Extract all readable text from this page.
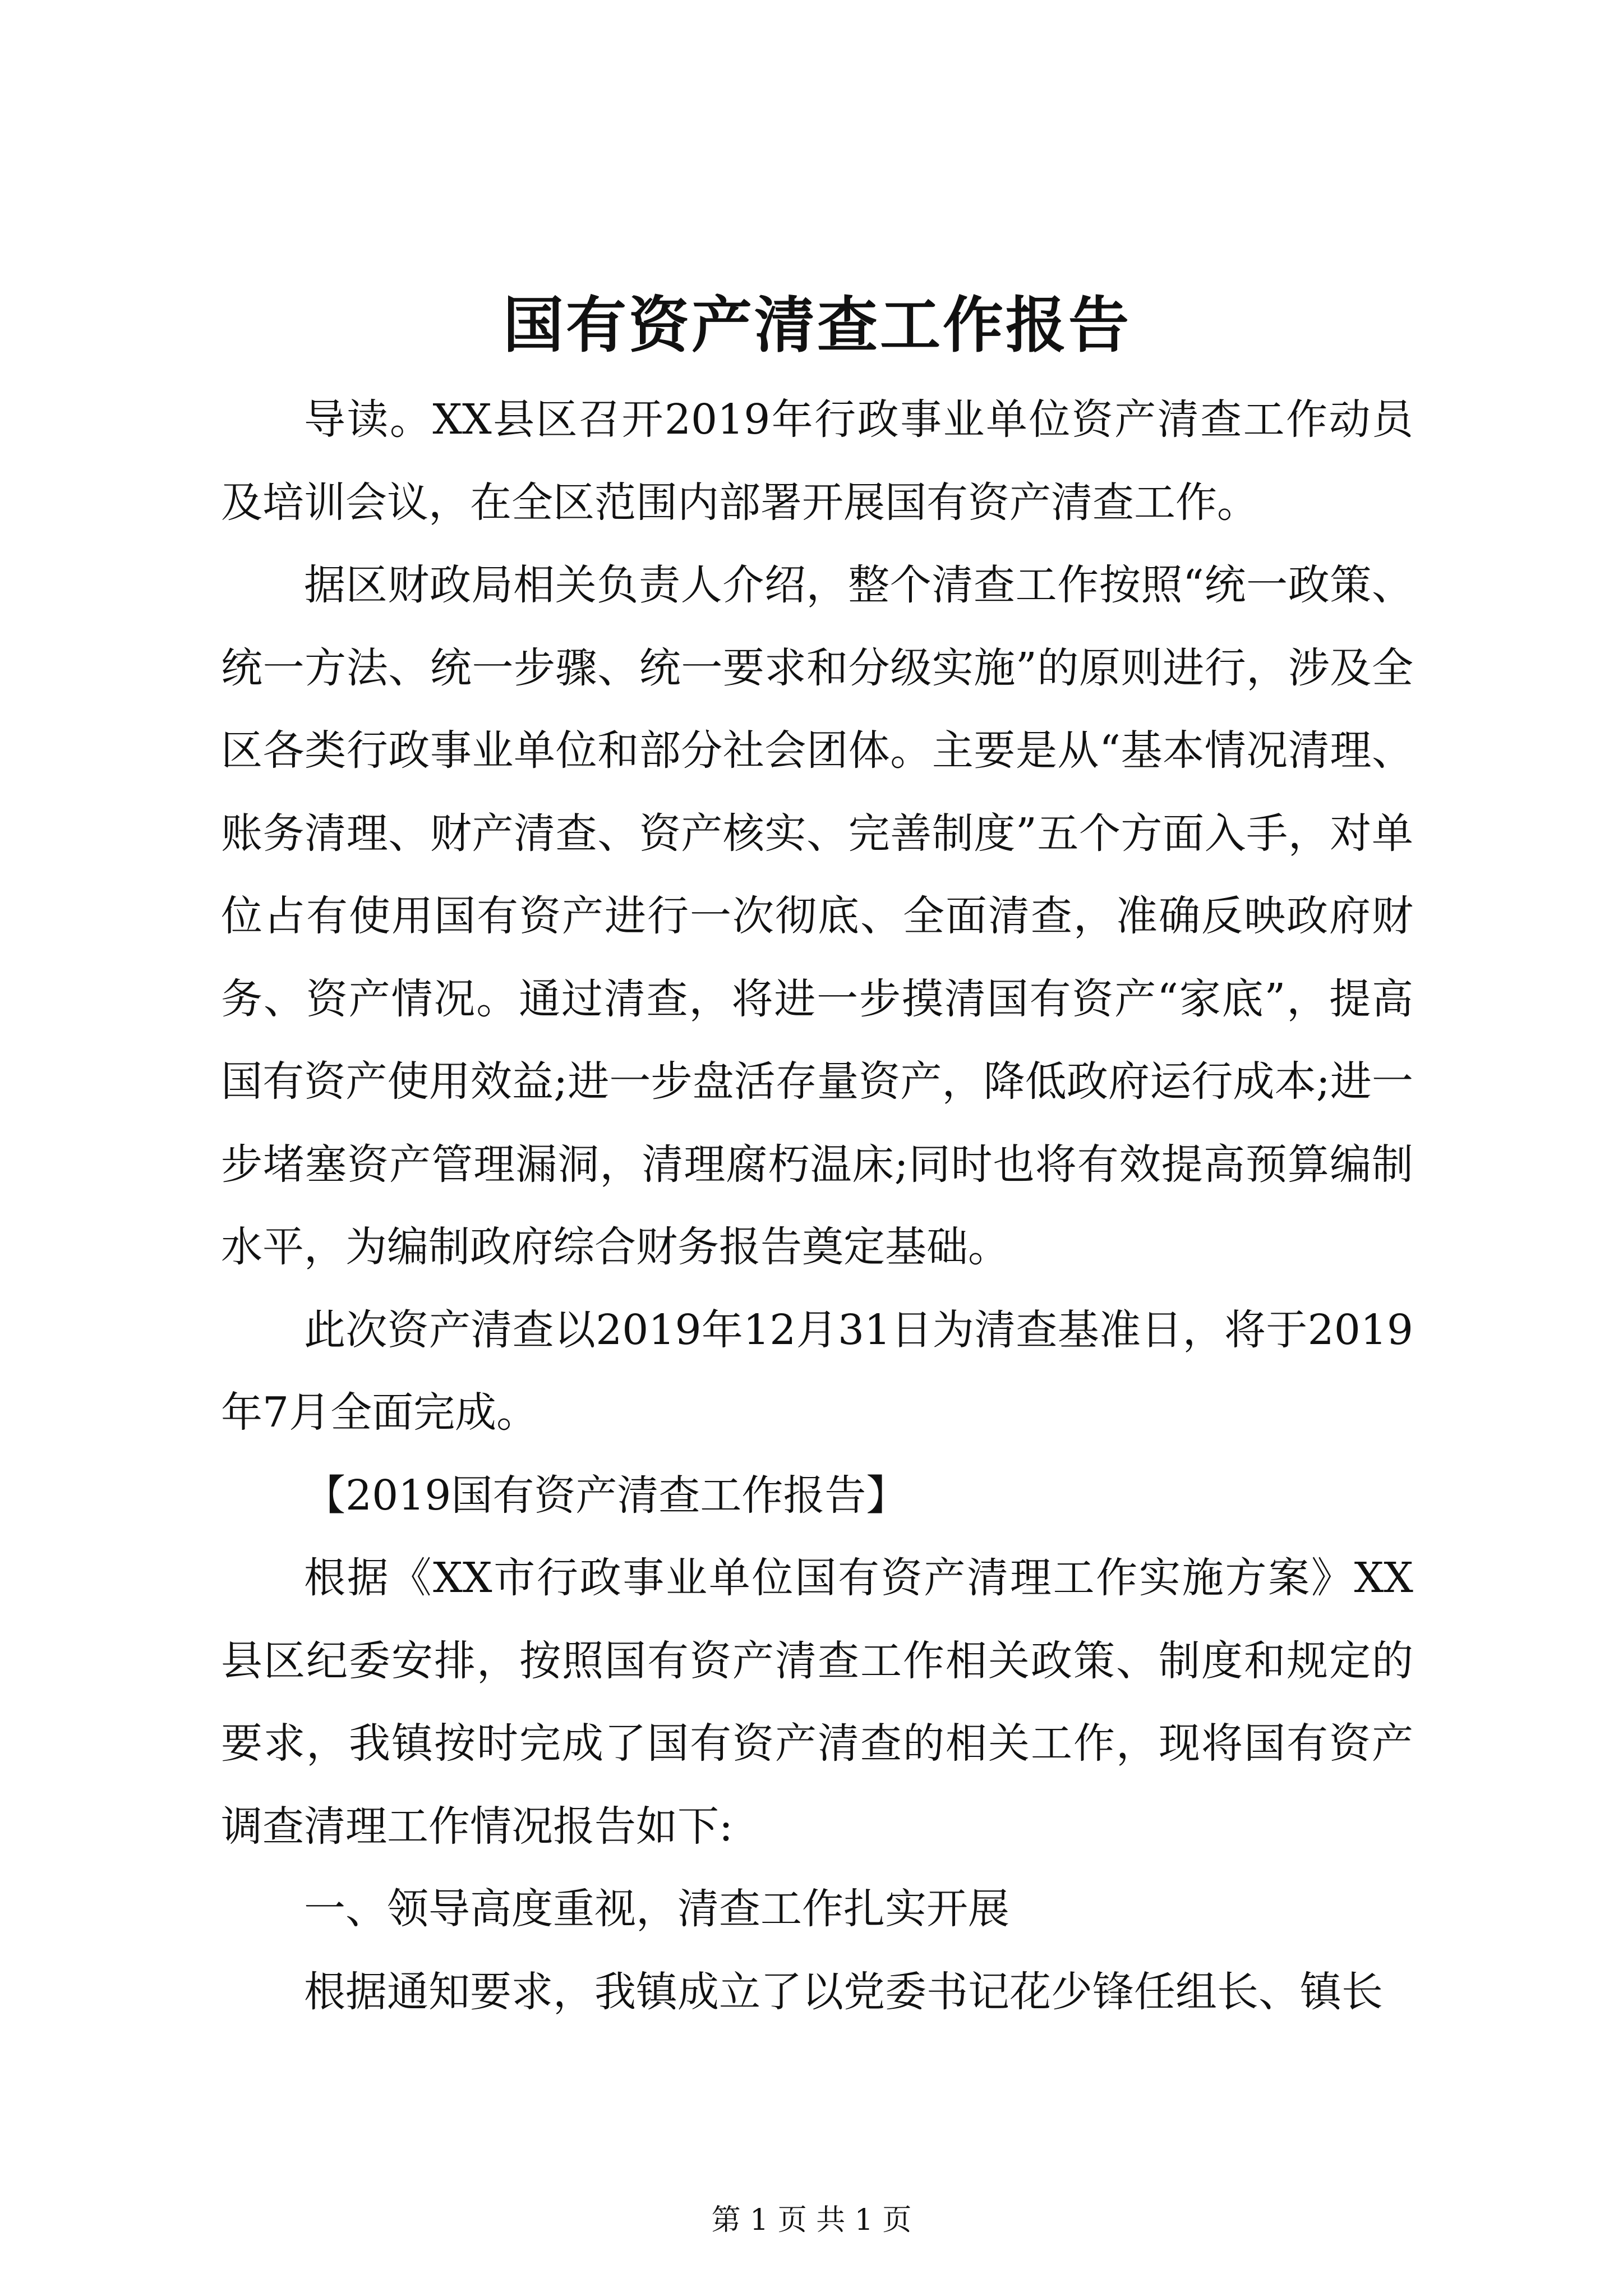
国有资产清查工作报告

导读。XX县区召开2019年行政事业单位资产清查工作动员及培训会议，在全区范围内部署开展国有资产清查工作。

据区财政局相关负责人介绍，整个清查工作按照“统一政策、统一方法、统一步骤、统一要求和分级实施”的原则进行，涉及全区各类行政事业单位和部分社会团体。主要是从“基本情况清理、账务清理、财产清查、资产核实、完善制度”五个方面入手，对单位占有使用国有资产进行一次彻底、全面清查，准确反映政府财务、资产情况。通过清查，将进一步摸清国有资产“家底”，提高国有资产使用效益;进一步盘活存量资产，降低政府运行成本;进一步堵塞资产管理漏洞，清理腐朽温床;同时也将有效提高预算编制水平，为编制政府综合财务报告奠定基础。

此次资产清查以2019年12月31日为清查基准日，将于2019年7月全面完成。

【2019国有资产清查工作报告】

根据《XX市行政事业单位国有资产清理工作实施方案》XX县区纪委安排，按照国有资产清查工作相关政策、制度和规定的要求，我镇按时完成了国有资产清查的相关工作，现将国有资产调查清理工作情况报告如下:

一、领导高度重视，清查工作扎实开展

根据通知要求，我镇成立了以党委书记花少锋任组长、镇长

第 1 页 共 1 页
